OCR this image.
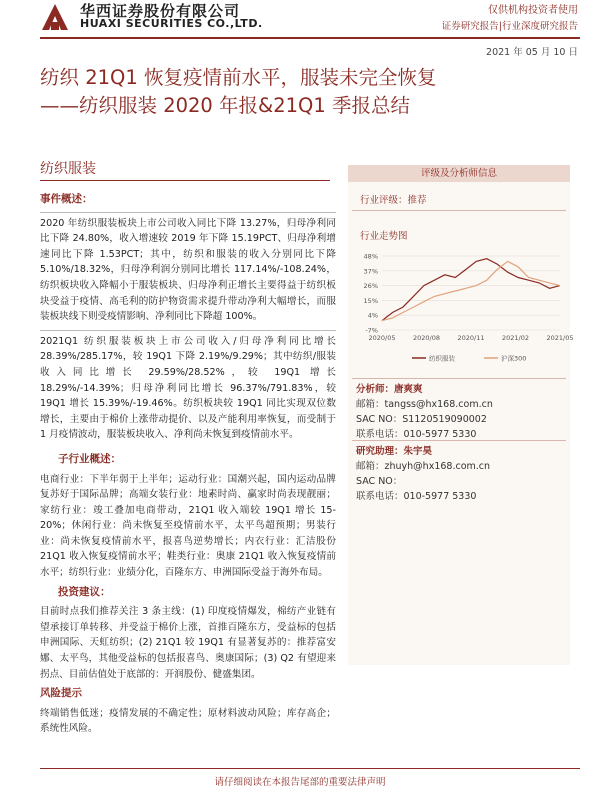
华西证券股份有限公司
HUAXI SECURITIES CO.,LTD.
仅供机构投资者使用
证券研究报告|行业深度研究报告
2021 年 05 月 10 日
纺织 21Q1 恢复疫情前水平，服装未完全恢复
——纺织服装 2020 年报&21Q1 季报总结
纺织服装
事件概述：

2020 年纺织服装板块上市公司收入同比下降 13.27%，归母净利同比下降 24.80%，收入增速较 2019 年下降 15.19PCT、归母净利增速同比下降 1.53PCT；其中，纺织和服装的收入分别同比下降 5.10%/18.32%，归母净利润分别同比增长 117.14%/-108.24%，纺织板块收入降幅小于服装板块、归母净利正增长主要得益于纺织板块受益于疫情、高毛利的防护物资需求提升带动净利大幅增长，而服装板块线下则受疫情影响、净利同比下降超 100%。

2021Q1 纺织服装板块上市公司收入/归母净利同比增长 28.39%/285.17%，较 19Q1 下降 2.19%/9.29%；其中纺织/服装收入同比增长 29.59%/28.52%，较 19Q1 增长 18.29%/-14.39%；归母净利同比增长 96.37%/791.83%，较 19Q1 增长 15.39%/-19.46%。纺织板块较 19Q1 同比实现双位数增长，主要由于棉价上涨带动提价、以及产能利用率恢复，而受制于 1 月疫情波动，服装板块收入、净利尚未恢复到疫情前水平。

子行业概述：

电商行业：下半年弱于上半年；运动行业：国潮兴起，国内运动品牌复苏好于国际品牌；高端女装行业：地素时尚、赢家时尚表现靓丽；家纺行业：竣工叠加电商带动，21Q1 收入端较 19Q1 增长 15-20%；休闲行业：尚未恢复至疫情前水平，太平鸟超预期；男装行业：尚未恢复疫情前水平，报喜鸟逆势增长；内衣行业：汇洁股份 21Q1 收入恢复疫情前水平；鞋类行业：奥康 21Q1 收入恢复疫情前水平；纺织行业：业绩分化，百隆东方、申洲国际受益于海外布局。

投资建议：

目前时点我们推荐关注 3 条主线：(1) 印度疫情爆发，棉纺产业链有望承接订单转移、并受益于棉价上涨，首推百隆东方，受益标的包括申洲国际、天虹纺织；(2) 21Q1 较 19Q1 有显著复苏的：推荐富安娜、太平鸟，其他受益标的包括报喜鸟、奥康国际；(3) Q2 有望迎来拐点、目前估值处于底部的：开润股份、健盛集团。

风险提示

终端销售低迷；疫情发展的不确定性；原材料波动风险；库存高企；系统性风险。

评级及分析师信息
行业评级：推荐
行业走势图
48%
37%
26%
15%
4%
-7%
2020/05	2020/08	2020/11	2021/02	2021/05
纺织服装	沪深300
分析师：唐爽爽
邮箱：tangss@hx168.com.cn
SAC NO：S1120519090002
联系电话：010-5977 5330
研究助理：朱宇昊
邮箱：zhuyh@hx168.com.cn
SAC NO：
联系电话：010-5977 5330
请仔细阅读在本报告尾部的重要法律声明
